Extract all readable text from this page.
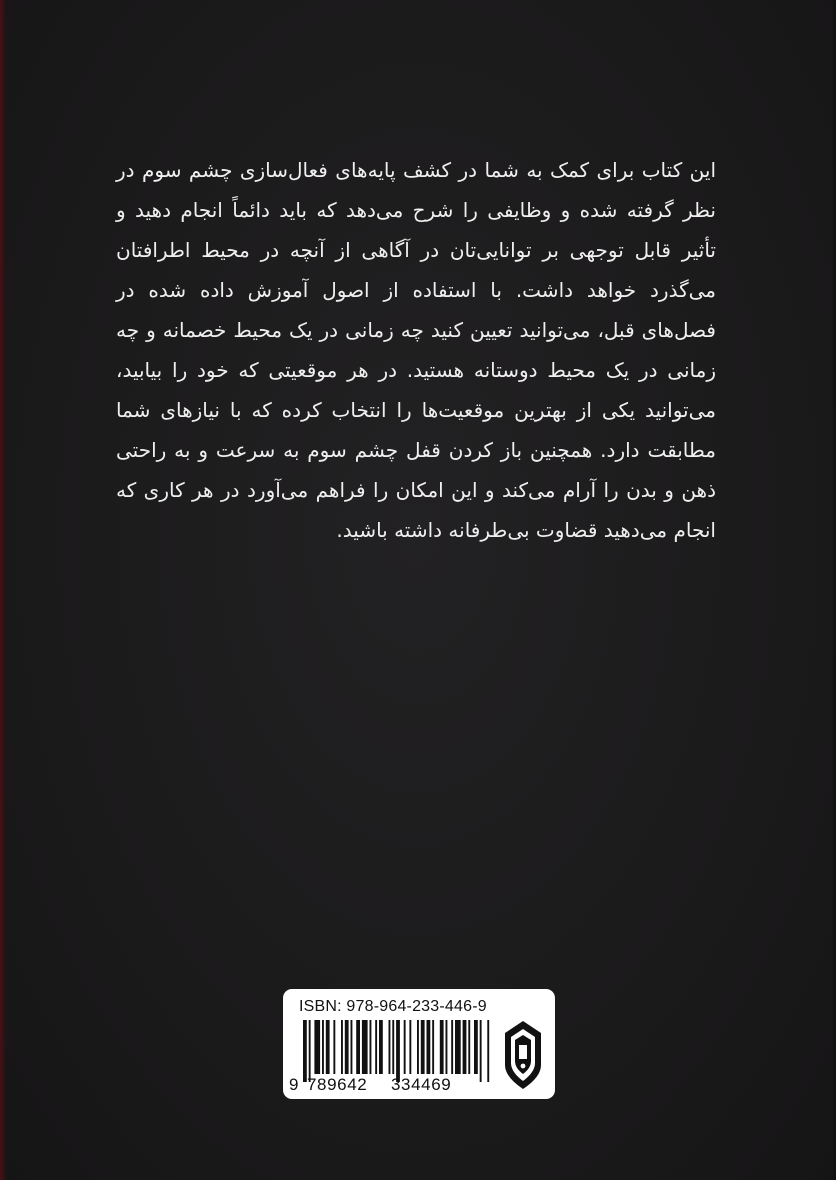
این کتاب برای کمک به شما در کشف پایه‌های فعال‌سازی چشم سوم در نظر گرفته شده و وظایفی را شرح می‌دهد که باید دائماً انجام دهید و تأثیر قابل توجهی بر توانایی‌تان در آگاهی از آنچه در محیط اطرافتان می‌گذرد خواهد داشت. با استفاده از اصول آموزش داده شده در فصل‌های قبل، می‌توانید تعیین کنید چه زمانی در یک محیط خصمانه و چه زمانی در یک محیط دوستانه هستید. در هر موقعیتی که خود را بیابید، می‌توانید یکی از بهترین موقعیت‌ها را انتخاب کرده که با نیازهای شما مطابقت دارد. همچنین باز کردن قفل چشم سوم به سرعت و به راحتی ذهن و بدن را آرام می‌کند و این امکان را فراهم می‌آورد در هر کاری که انجام می‌دهید قضاوت بی‌طرفانه داشته باشید.

ISBN: 978-964-233-446-9
9 789642 334469
